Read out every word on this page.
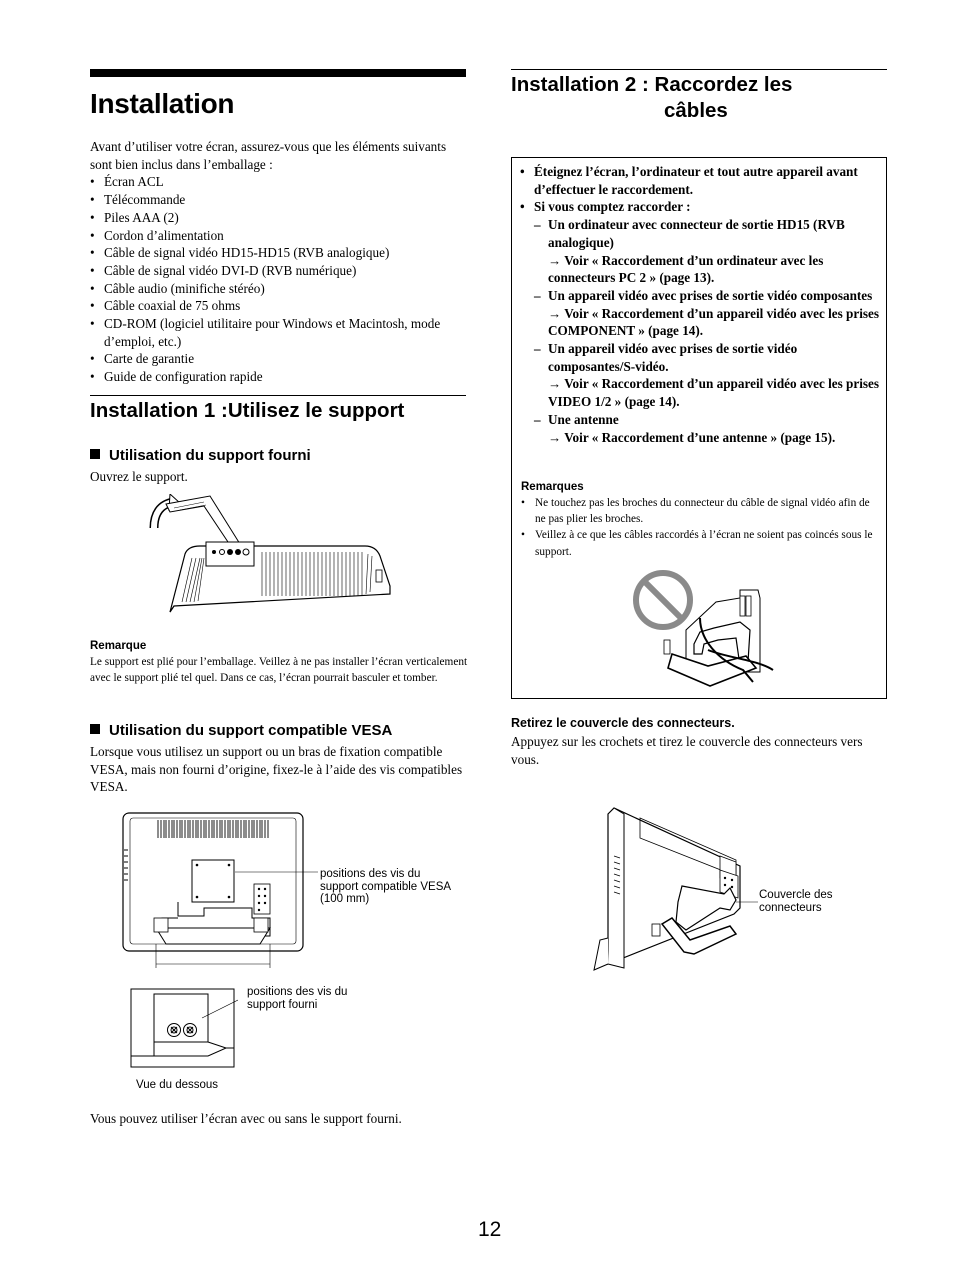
Installation
Avant d’utiliser votre écran, assurez-vous que les éléments suivants sont bien inclus dans l’emballage :
• Écran ACL
• Télécommande
• Piles AAA (2)
• Cordon d’alimentation
• Câble de signal vidéo HD15-HD15 (RVB analogique)
• Câble de signal vidéo DVI-D (RVB numérique)
• Câble audio (minifiche stéréo)
• Câble coaxial de 75 ohms
• CD-ROM (logiciel utilitaire pour Windows et Macintosh, mode d’emploi, etc.)
• Carte de garantie
• Guide de configuration rapide
Installation 1 :Utilisez le support
Utilisation du support fourni
Ouvrez le support.
Remarque
Le support est plié pour l’emballage. Veillez à ne pas installer l’écran verticalement avec le support plié tel quel. Dans ce cas, l’écran pourrait basculer et tomber.
Utilisation du support compatible VESA
Lorsque vous utilisez un support ou un bras de fixation compatible VESA, mais non fourni d’origine, fixez-le à l’aide des vis compatibles VESA.
positions des vis du support compatible VESA (100 mm)
positions des vis du support fourni
Vue du dessous
Vous pouvez utiliser l’écran avec ou sans le support fourni.
Installation 2 : Raccordez les
câbles
• Éteignez l’écran, l’ordinateur et tout autre appareil avant d’effectuer le raccordement.
• Si vous comptez raccorder :
– Un ordinateur avec connecteur de sortie HD15 (RVB analogique)
→ Voir « Raccordement d’un ordinateur avec les connecteurs PC 2 » (page 13).
– Un appareil vidéo avec prises de sortie vidéo composantes
→ Voir « Raccordement d’un appareil vidéo avec les prises COMPONENT » (page 14).
– Un appareil vidéo avec prises de sortie vidéo composantes/S-vidéo.
→ Voir « Raccordement d’un appareil vidéo avec les prises VIDEO 1/2 » (page 14).
– Une antenne
→ Voir « Raccordement d’une antenne » (page 15).
Remarques
• Ne touchez pas les broches du connecteur du câble de signal vidéo afin de ne pas plier les broches.
• Veillez à ce que les câbles raccordés à l’écran ne soient pas coincés sous le support.
Retirez le couvercle des connecteurs.
Appuyez sur les crochets et tirez le couvercle des connecteurs vers vous.
Couvercle des connecteurs
12
